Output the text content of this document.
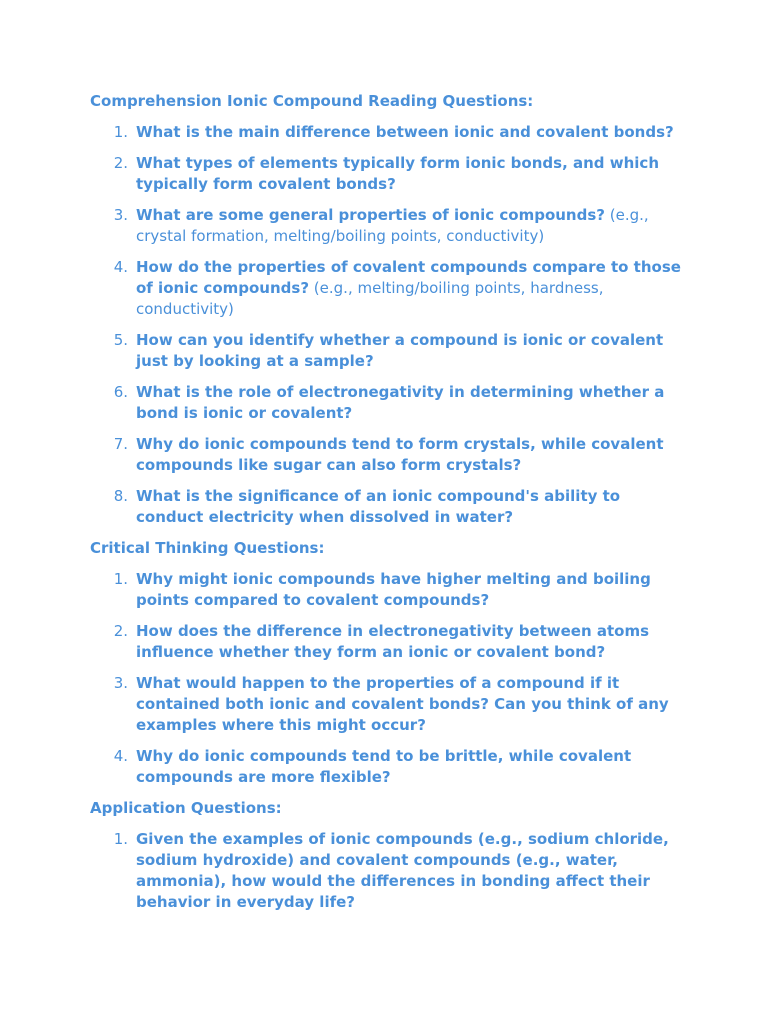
Comprehension Ionic Compound Reading Questions:
1. What is the main difference between ionic and covalent bonds?
2. What types of elements typically form ionic bonds, and which typically form covalent bonds?
3. What are some general properties of ionic compounds? (e.g., crystal formation, melting/boiling points, conductivity)
4. How do the properties of covalent compounds compare to those of ionic compounds? (e.g., melting/boiling points, hardness, conductivity)
5. How can you identify whether a compound is ionic or covalent just by looking at a sample?
6. What is the role of electronegativity in determining whether a bond is ionic or covalent?
7. Why do ionic compounds tend to form crystals, while covalent compounds like sugar can also form crystals?
8. What is the significance of an ionic compound's ability to conduct electricity when dissolved in water?
Critical Thinking Questions:
1. Why might ionic compounds have higher melting and boiling points compared to covalent compounds?
2. How does the difference in electronegativity between atoms influence whether they form an ionic or covalent bond?
3. What would happen to the properties of a compound if it contained both ionic and covalent bonds? Can you think of any examples where this might occur?
4. Why do ionic compounds tend to be brittle, while covalent compounds are more flexible?
Application Questions:
1. Given the examples of ionic compounds (e.g., sodium chloride, sodium hydroxide) and covalent compounds (e.g., water, ammonia), how would the differences in bonding affect their behavior in everyday life?
